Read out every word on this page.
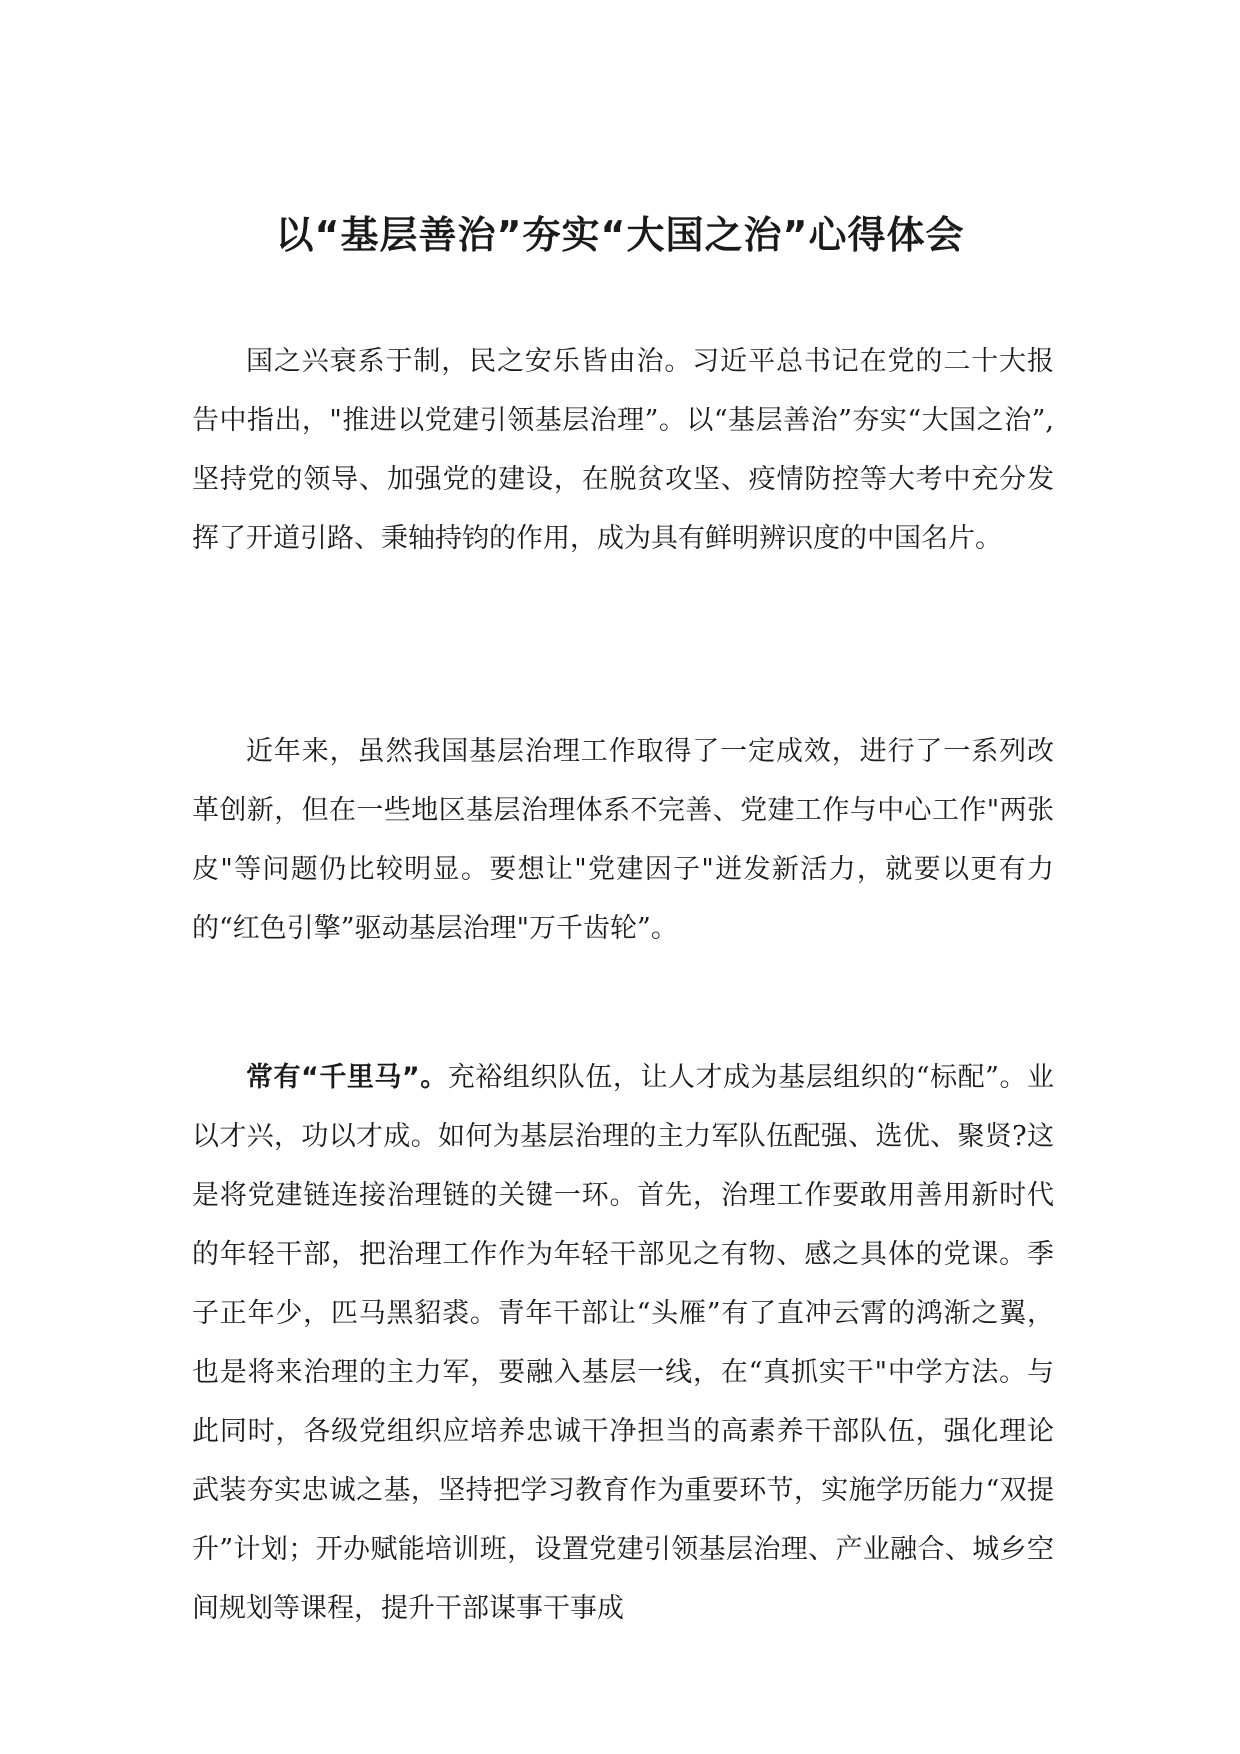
以“基层善治”夯实“大国之治”心得体会

国之兴衰系于制，民之安乐皆由治。习近平总书记在党的二十大报告中指出，"推进以党建引领基层治理”。以“基层善治”夯实“大国之治”,坚持党的领导、加强党的建设，在脱贫攻坚、疫情防控等大考中充分发挥了开道引路、秉轴持钧的作用，成为具有鲜明辨识度的中国名片。

近年来，虽然我国基层治理工作取得了一定成效，进行了一系列改革创新，但在一些地区基层治理体系不完善、党建工作与中心工作"两张皮"等问题仍比较明显。要想让"党建因子"迸发新活力，就要以更有力的“红色引擎”驱动基层治理"万千齿轮”。

常有“千里马”。充裕组织队伍，让人才成为基层组织的“标配”。业以才兴，功以才成。如何为基层治理的主力军队伍配强、选优、聚贤?这是将党建链连接治理链的关键一环。首先，治理工作要敢用善用新时代的年轻干部，把治理工作作为年轻干部见之有物、感之具体的党课。季子正年少，匹马黑貂裘。青年干部让“头雁”有了直冲云霄的鸿渐之翼，也是将来治理的主力军，要融入基层一线，在“真抓实干"中学方法。与此同时，各级党组织应培养忠诚干净担当的高素养干部队伍，强化理论武装夯实忠诚之基，坚持把学习教育作为重要环节，实施学历能力“双提升”计划；开办赋能培训班，设置党建引领基层治理、产业融合、城乡空间规划等课程，提升干部谋事干事成
